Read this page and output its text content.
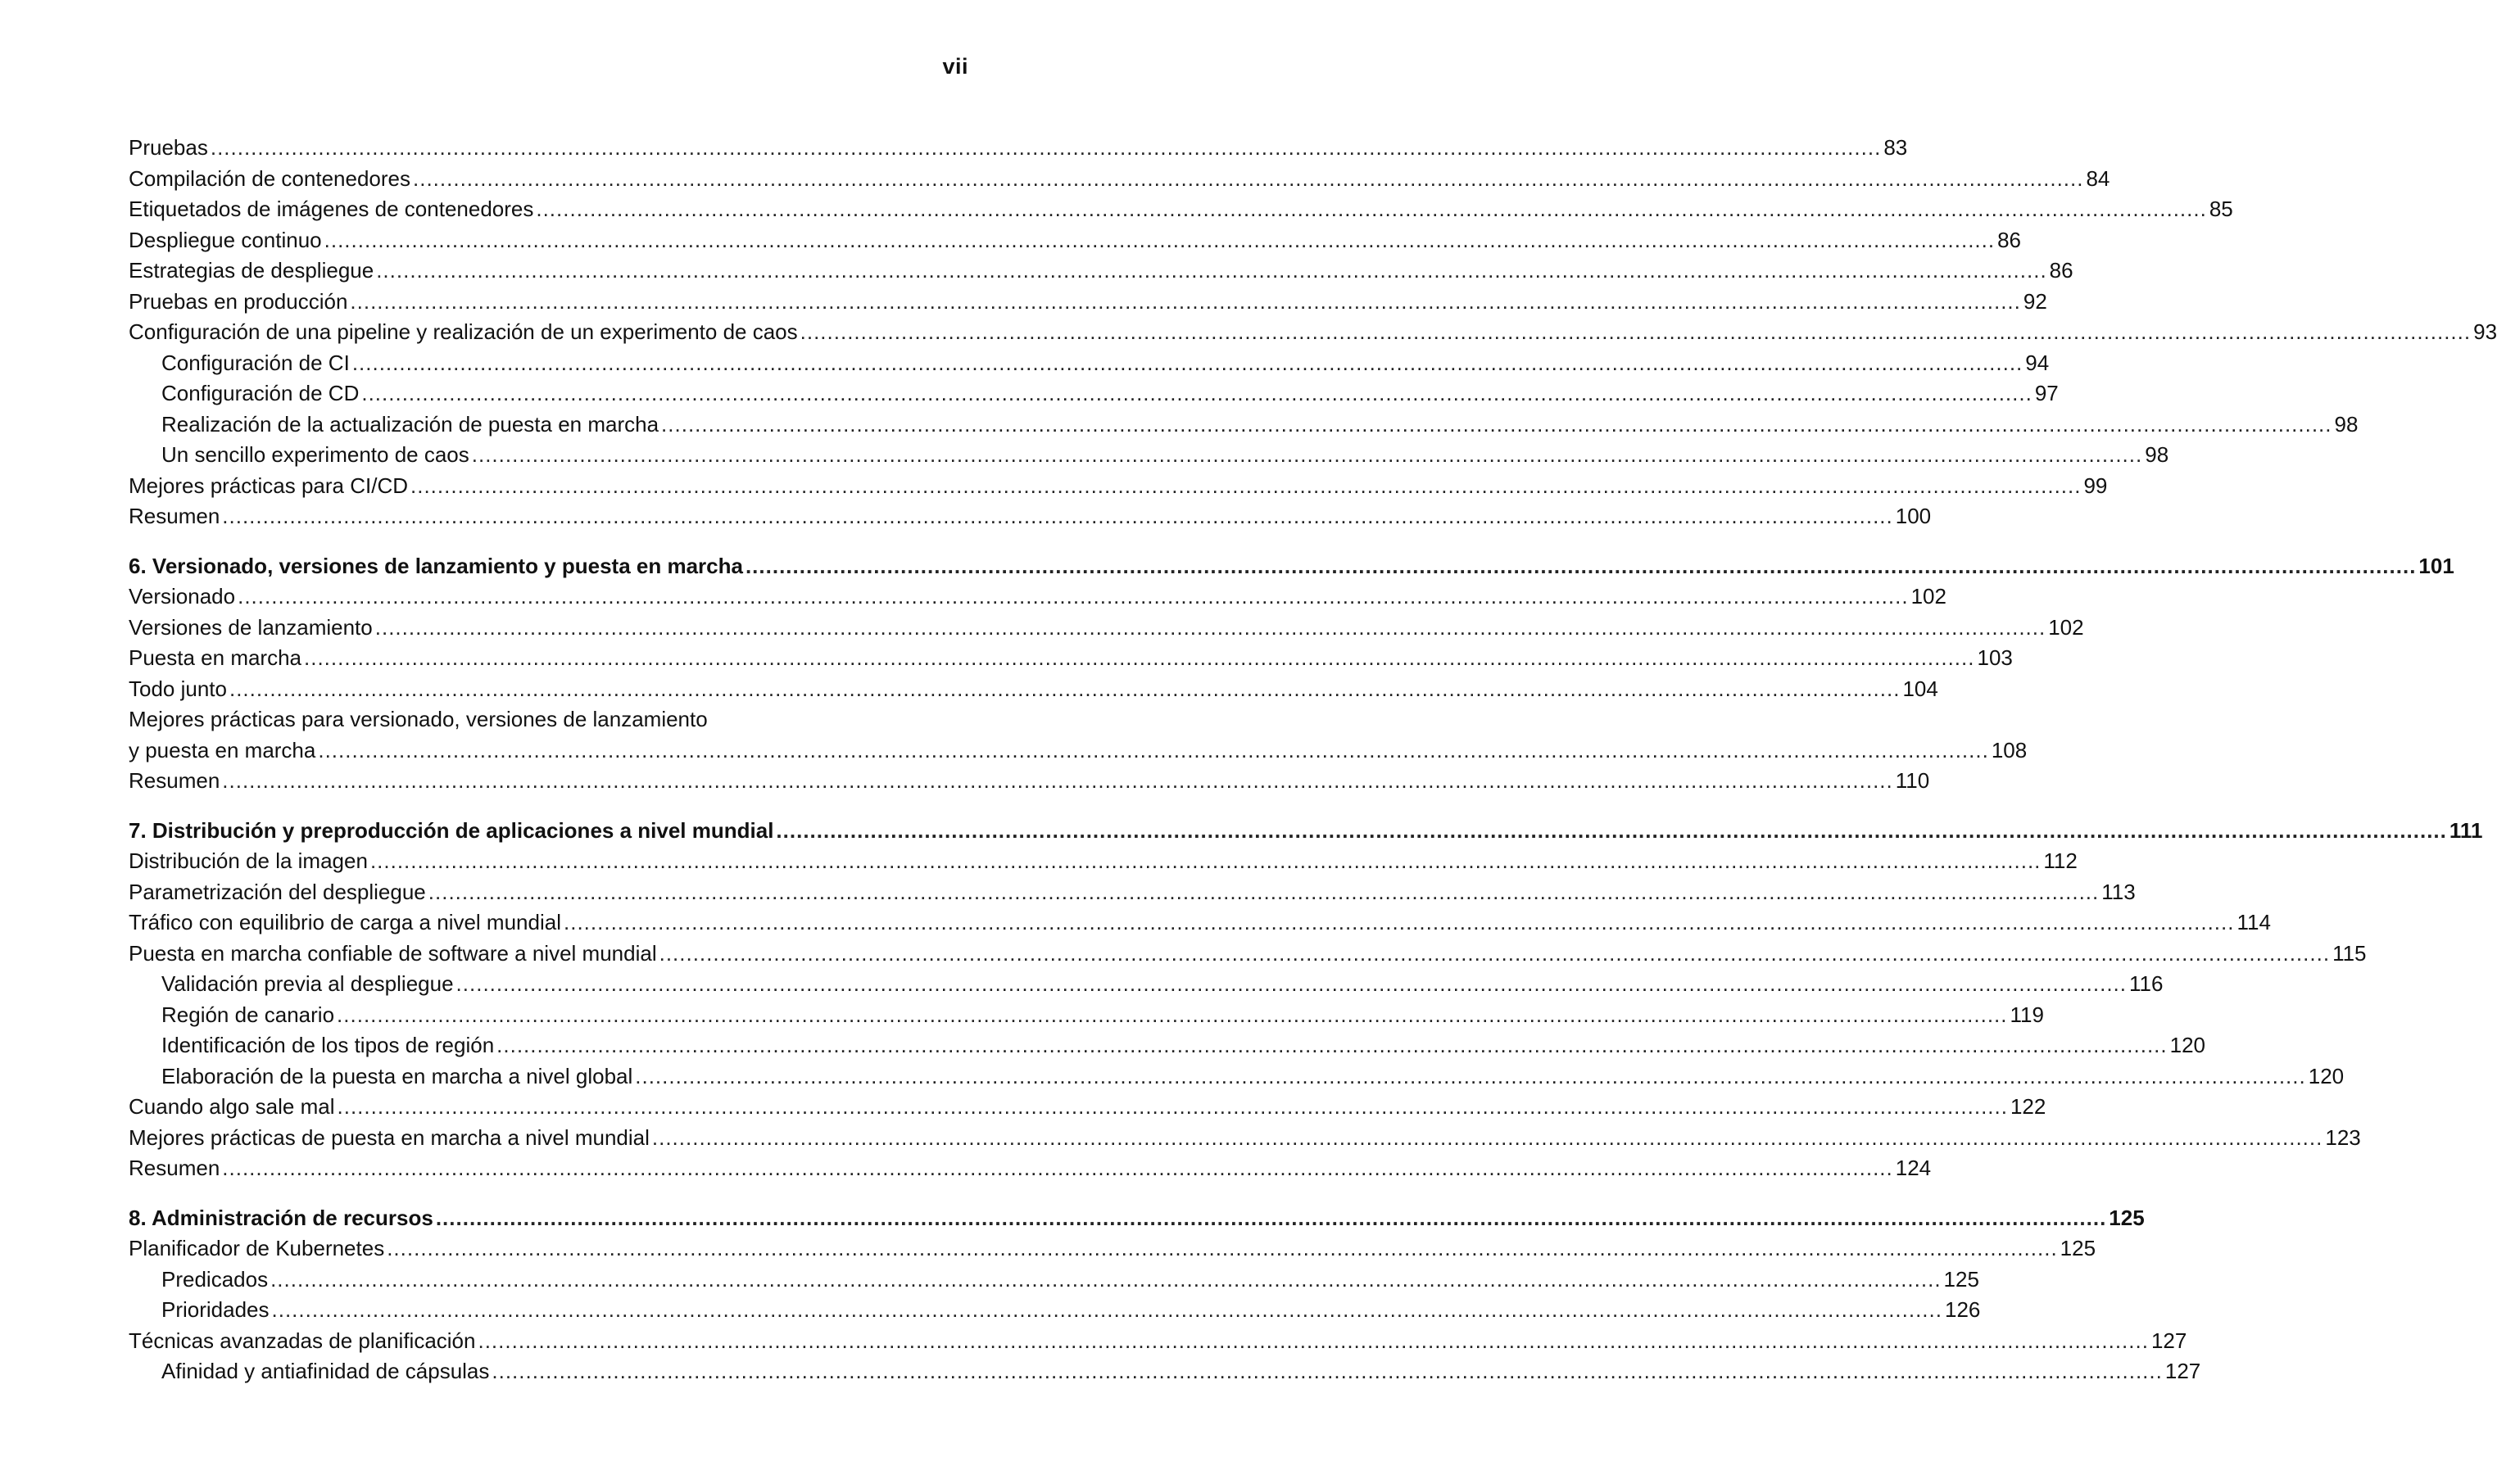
vii
Pruebas .....	83
Compilación de contenedores .....	84
Etiquetados de imágenes de contenedores .....	85
Despliegue continuo .....	86
Estrategias de despliegue .....	86
Pruebas en producción .....	92
Configuración de una pipeline y realización de un experimento de caos .....	93
Configuración de CI .....	94
Configuración de CD .....	97
Realización de la actualización de puesta en marcha .....	98
Un sencillo experimento de caos .....	98
Mejores prácticas para CI/CD .....	99
Resumen .....	100
6. Versionado, versiones de lanzamiento y puesta en marcha .....	101
Versionado .....	102
Versiones de lanzamiento .....	102
Puesta en marcha .....	103
Todo junto .....	104
Mejores prácticas para versionado, versiones de lanzamiento
y puesta en marcha .....	108
Resumen .....	110
7. Distribución y preproducción de aplicaciones a nivel mundial .....	111
Distribución de la imagen .....	112
Parametrización del despliegue .....	113
Tráfico con equilibrio de carga a nivel mundial .....	114
Puesta en marcha confiable de software a nivel mundial .....	115
Validación previa al despliegue .....	116
Región de canario .....	119
Identificación de los tipos de región .....	120
Elaboración de la puesta en marcha a nivel global .....	120
Cuando algo sale mal .....	122
Mejores prácticas de puesta en marcha a nivel mundial .....	123
Resumen .....	124
8. Administración de recursos .....	125
Planificador de Kubernetes .....	125
Predicados .....	125
Prioridades .....	126
Técnicas avanzadas de planificación .....	127
Afinidad y antiafinidad de cápsulas .....	127
